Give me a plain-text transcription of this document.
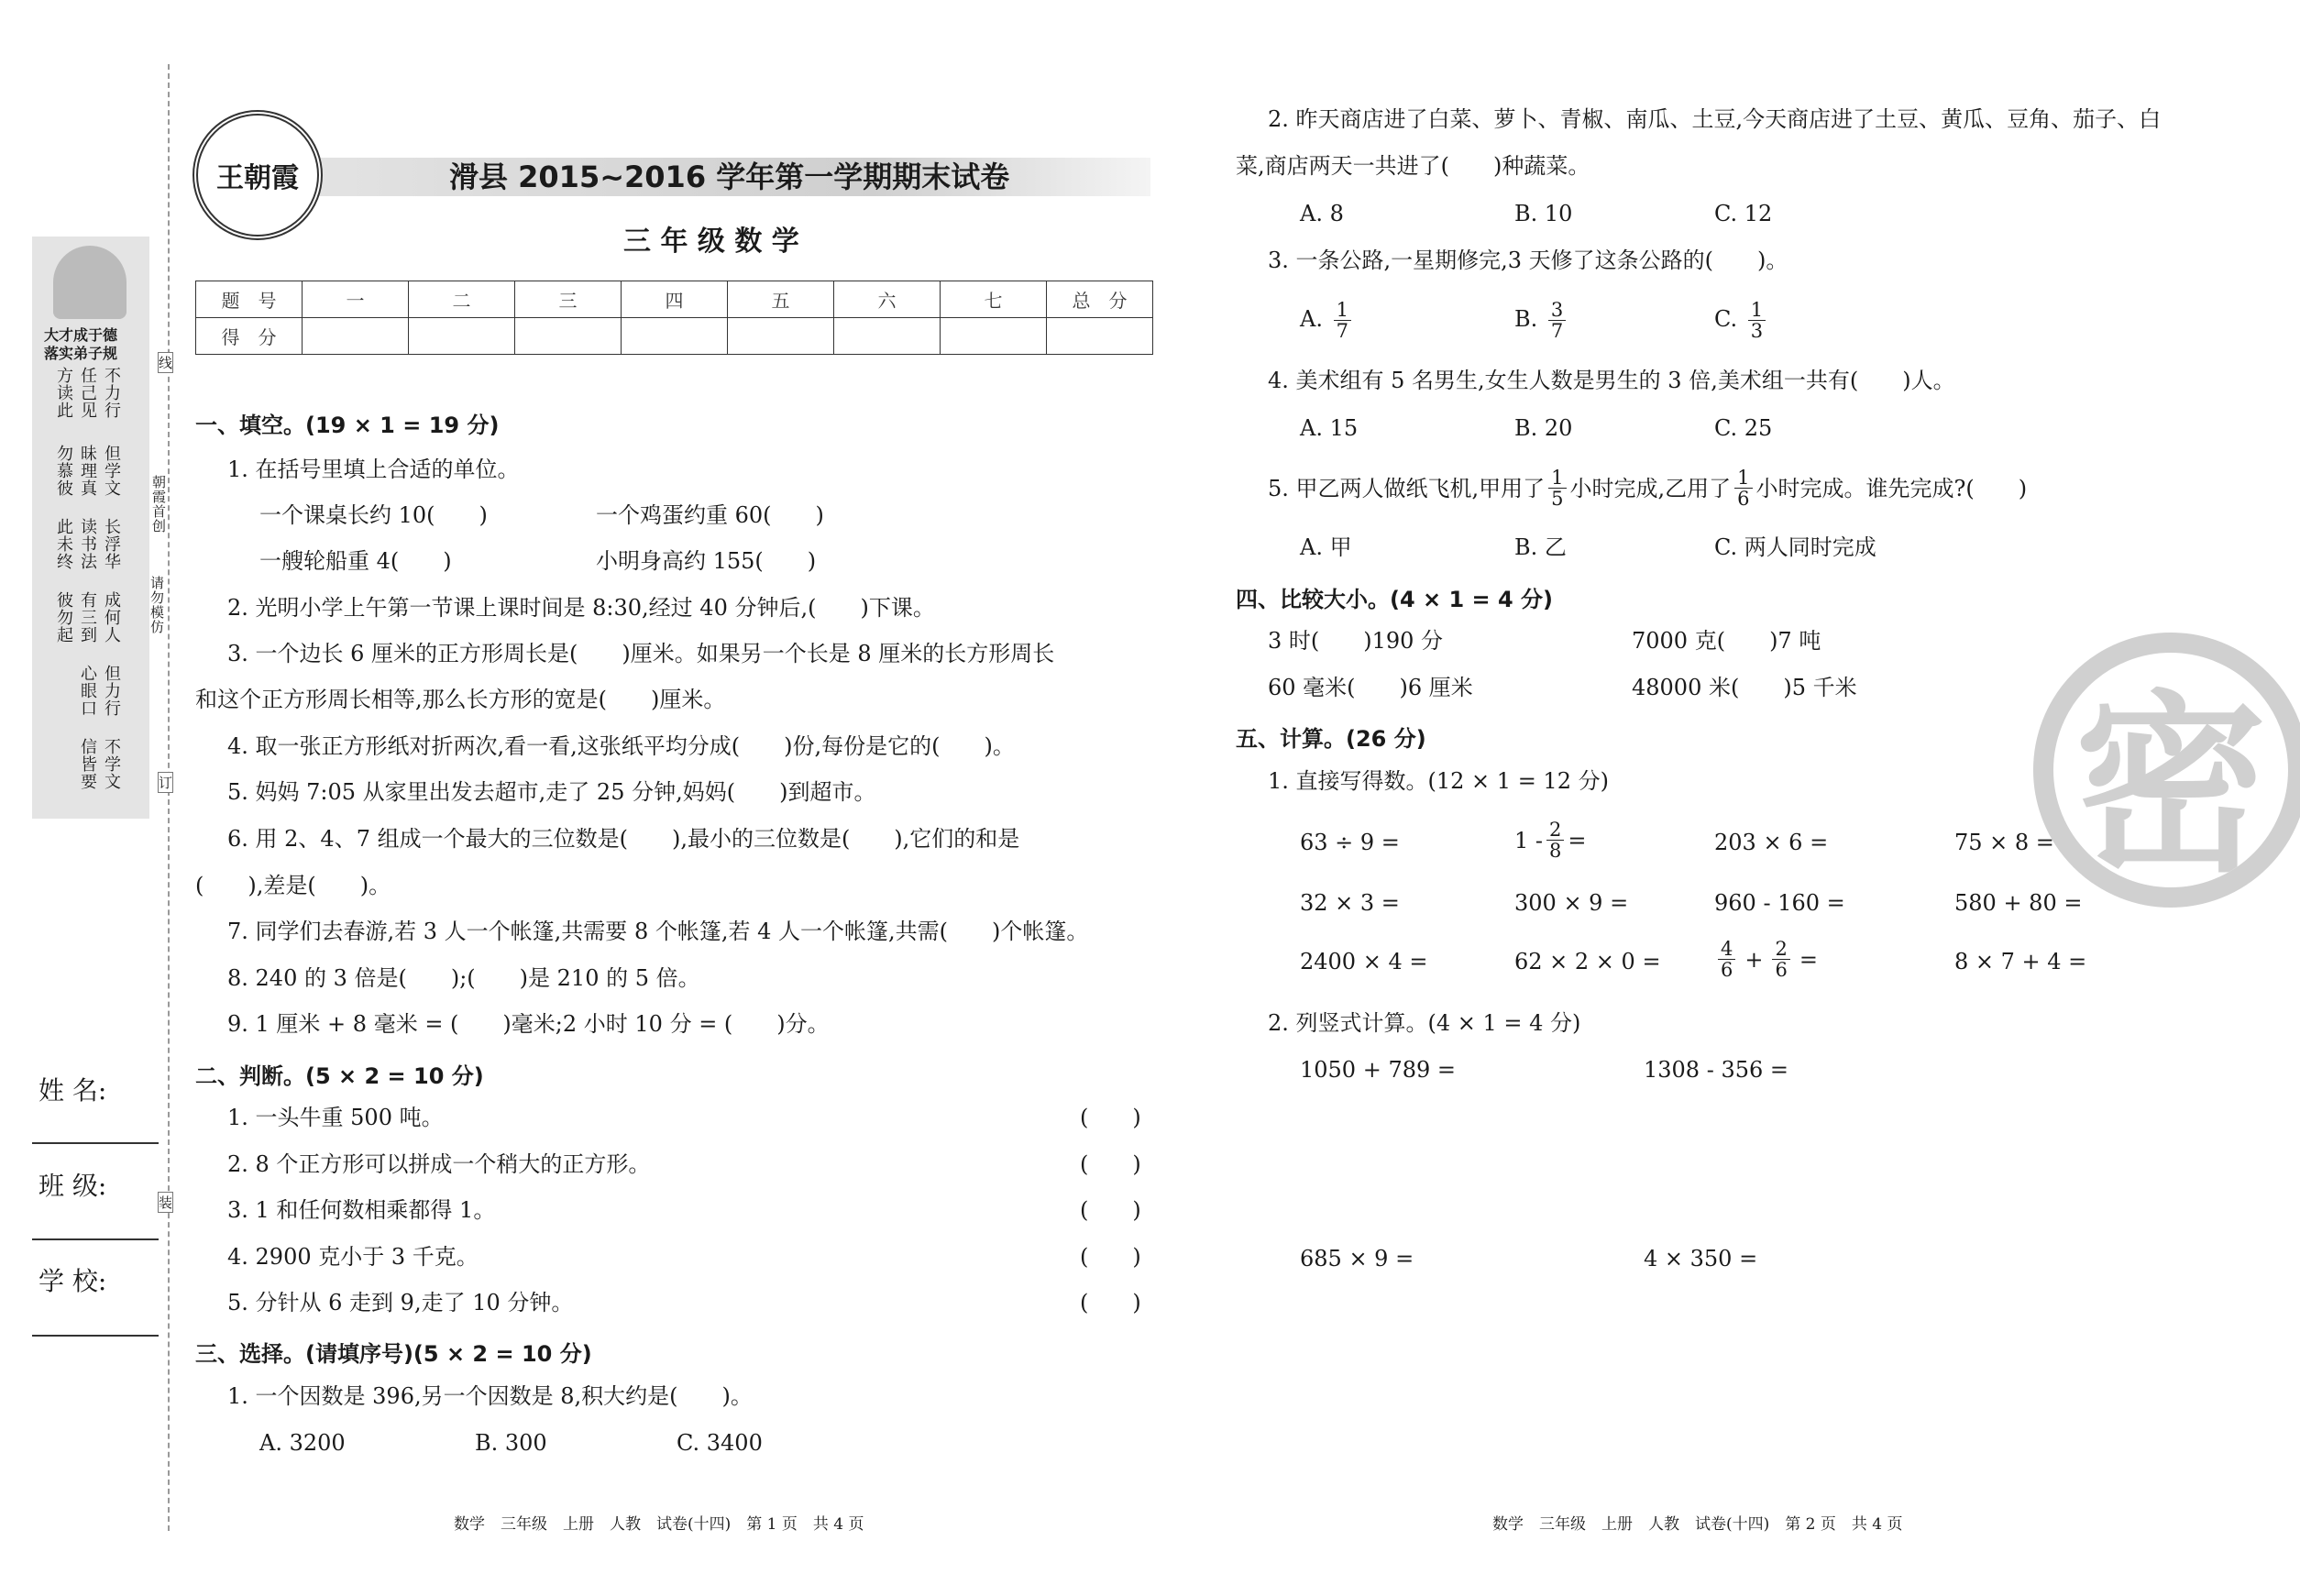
王朝霞	滑县 2015~2016 学年第一学期期末试卷
三 年 级 数 学
题　号	一	二	三	四	五	六	七	总　分
得　分								
大才成于德
落实弟子规
方读此
勿慕彼
此未终
彼勿起
任己见
昧理真
读书法
有三到
心眼口
信皆要
不力行
但学文
长浮华
成何人
但力行
不学文
朝霞首创
请勿模仿
线
订
装
姓 名:
班 级:
学 校:
一、填空。(19 × 1 = 19 分)
1. 在括号里填上合适的单位。
一个课桌长约 10(　　)	一个鸡蛋约重 60(　　)
一艘轮船重 4(　　)	小明身高约 155(　　)
2. 光明小学上午第一节课上课时间是 8:30,经过 40 分钟后,(　　)下课。
3. 一个边长 6 厘米的正方形周长是(　　)厘米。如果另一个长是 8 厘米的长方形周长
和这个正方形周长相等,那么长方形的宽是(　　)厘米。
4. 取一张正方形纸对折两次,看一看,这张纸平均分成(　　)份,每份是它的(　　)。
5. 妈妈 7:05 从家里出发去超市,走了 25 分钟,妈妈(　　)到超市。
6. 用 2、4、7 组成一个最大的三位数是(　　),最小的三位数是(　　),它们的和是
(　　),差是(　　)。
7. 同学们去春游,若 3 人一个帐篷,共需要 8 个帐篷,若 4 人一个帐篷,共需(　　)个帐篷。
8. 240 的 3 倍是(　　);(　　)是 210 的 5 倍。
9. 1 厘米 + 8 毫米 = (　　)毫米;2 小时 10 分 = (　　)分。
二、判断。(5 × 2 = 10 分)
1. 一头牛重 500 吨。	(　　)
2. 8 个正方形可以拼成一个稍大的正方形。	(　　)
3. 1 和任何数相乘都得 1。	(　　)
4. 2900 克小于 3 千克。	(　　)
5. 分针从 6 走到 9,走了 10 分钟。	(　　)
三、选择。(请填序号)(5 × 2 = 10 分)
1. 一个因数是 396,另一个因数是 8,积大约是(　　)。
A. 3200	B. 300	C. 3400
数学　三年级　上册　人教　试卷(十四)　第 1 页　共 4 页
密
2. 昨天商店进了白菜、萝卜、青椒、南瓜、土豆,今天商店进了土豆、黄瓜、豆角、茄子、白
菜,商店两天一共进了(　　)种蔬菜。
A. 8	B. 10	C. 12
3. 一条公路,一星期修完,3 天修了这条公路的(　　)。
A. $\frac{1}{7}$	B. $\frac{3}{7}$	C. $\frac{1}{3}$
4. 美术组有 5 名男生,女生人数是男生的 3 倍,美术组一共有(　　)人。
A. 15	B. 20	C. 25
5. 甲乙两人做纸飞机,甲用了 $\frac{1}{5}$ 小时完成,乙用了 $\frac{1}{6}$ 小时完成。谁先完成?(　　)
A. 甲	B. 乙	C. 两人同时完成
四、比较大小。(4 × 1 = 4 分)
3 时(　　)190 分	7000 克(　　)7 吨
60 毫米(　　)6 厘米	48000 米(　　)5 千米
五、计算。(26 分)
1. 直接写得数。(12 × 1 = 12 分)
63 ÷ 9 =	$1 - \frac{2}{8}$ =	203 × 6 =	75 × 8 =
32 × 3 =	300 × 9 =	960 - 160 =	580 + 80 =
2400 × 4 =	62 × 2 × 0 =	$\frac{4}{6} + \frac{2}{6}$ =	8 × 7 + 4 =
2. 列竖式计算。(4 × 1 = 4 分)
1050 + 789 =	1308 - 356 =
685 × 9 =	4 × 350 =
数学　三年级　上册　人教　试卷(十四)　第 2 页　共 4 页
